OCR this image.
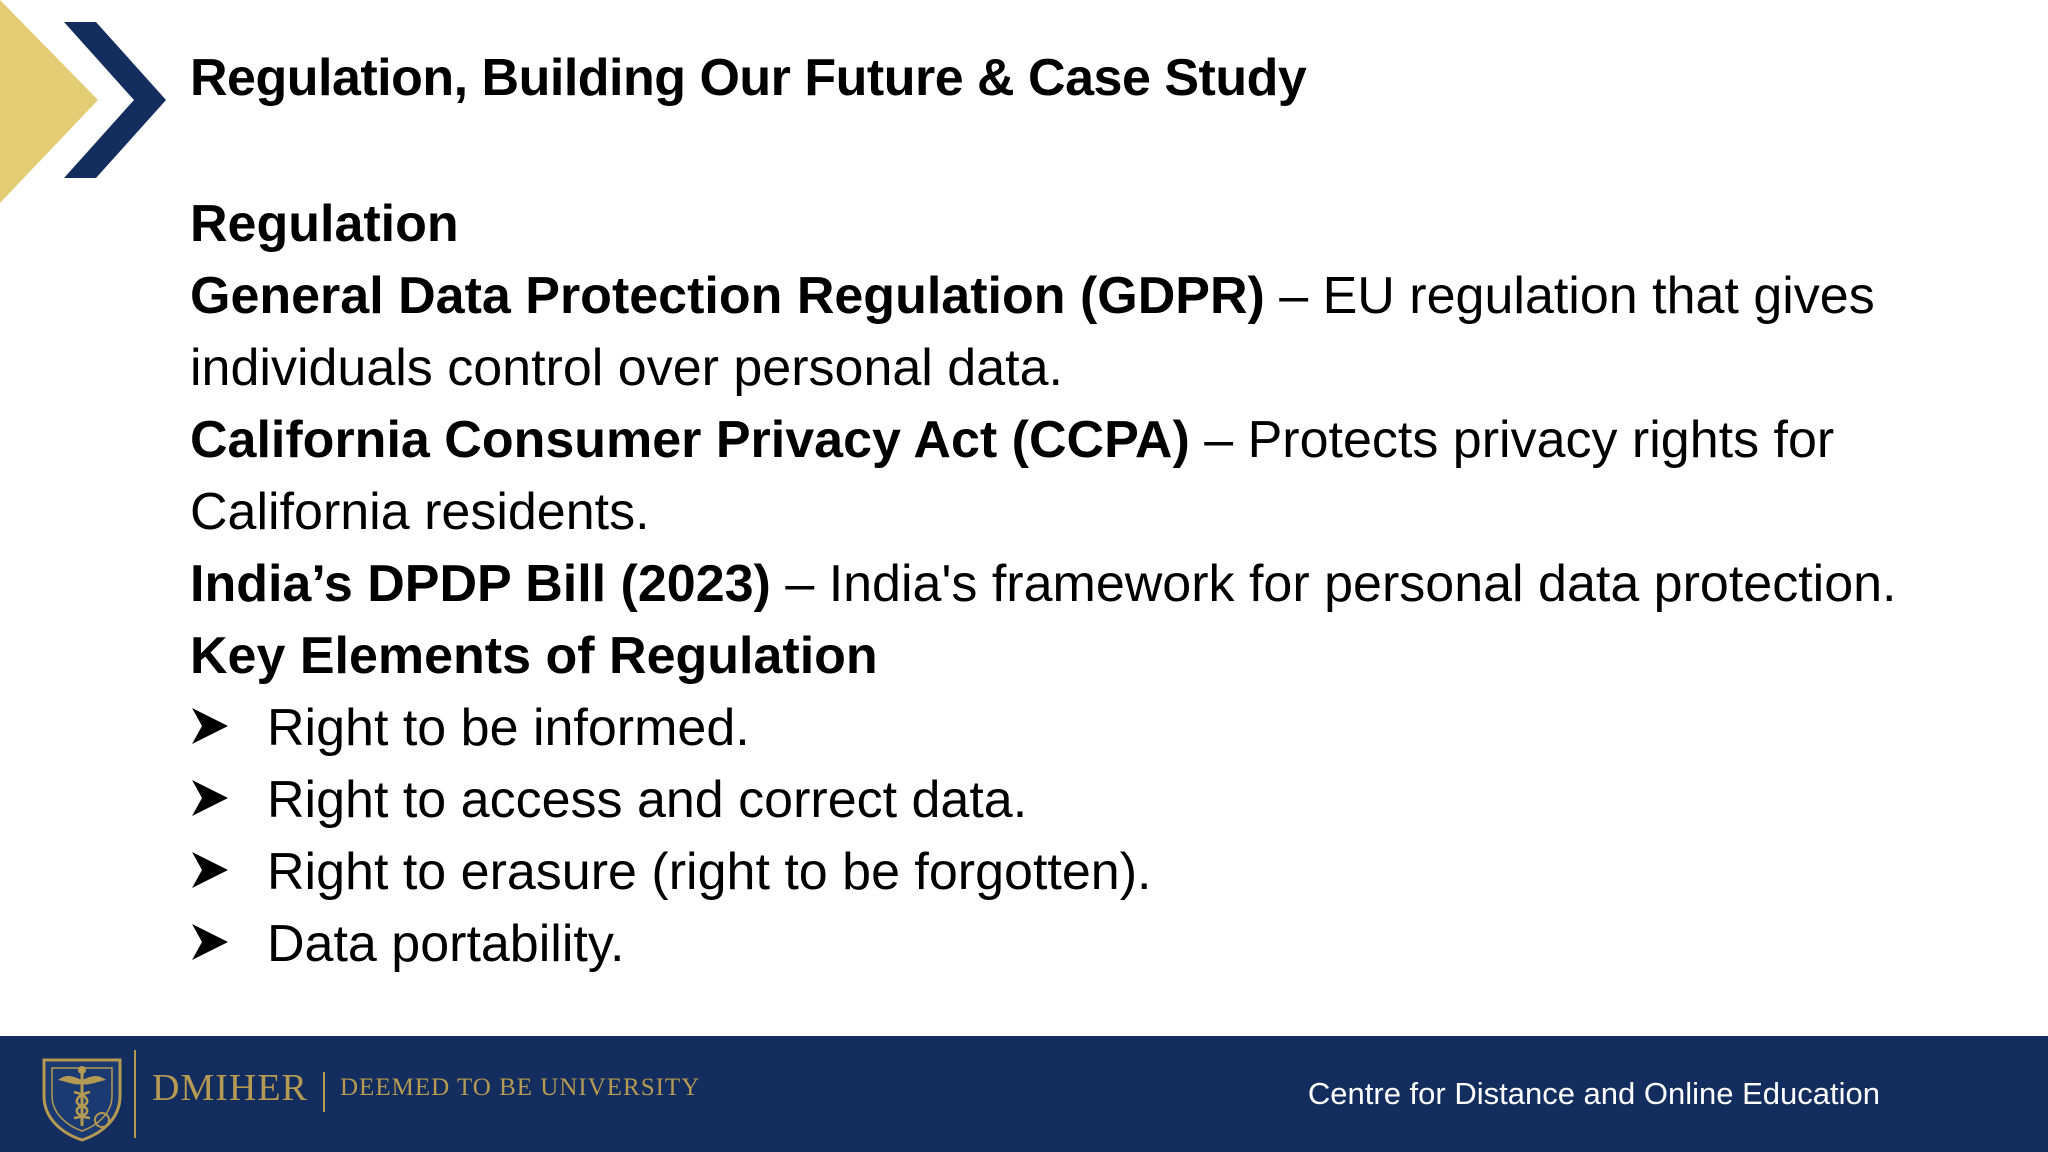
Regulation, Building Our Future & Case Study
Regulation
General Data Protection Regulation (GDPR) – EU regulation that gives
individuals control over personal data.
California Consumer Privacy Act (CCPA) – Protects privacy rights for
California residents.
India’s DPDP Bill (2023) – India's framework for personal data protection.
Key Elements of Regulation
Right to be informed.
Right to access and correct data.
Right to erasure (right to be forgotten).
Data portability.
DMIHER DEEMED TO BE UNIVERSITY	Centre for Distance and Online Education
